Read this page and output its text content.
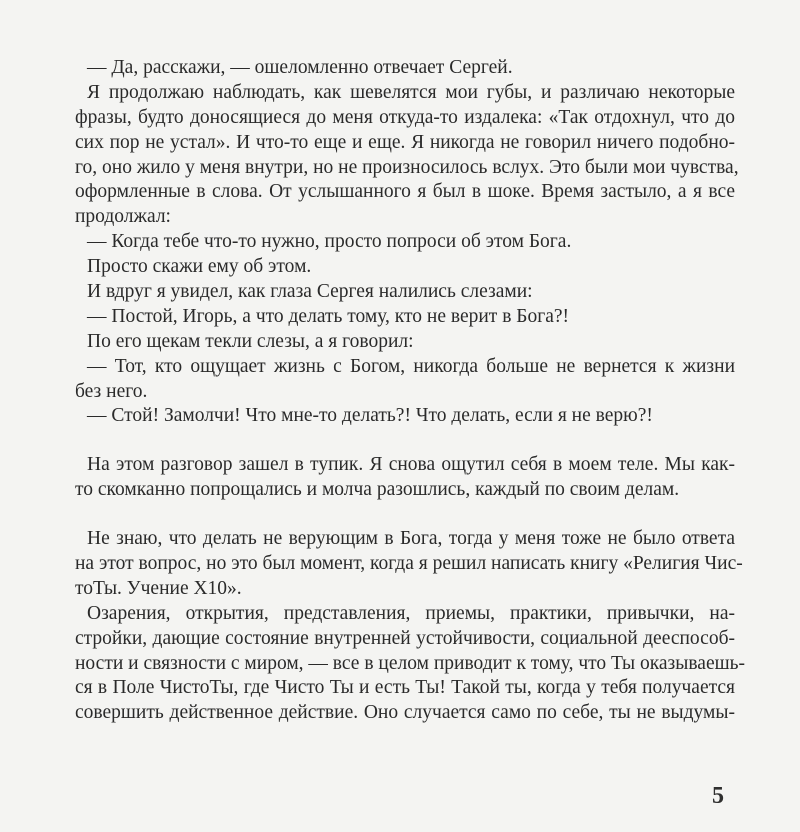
— Да, расскажи, — ошеломленно отвечает Сергей.
Я продолжаю наблюдать, как шевелятся мои губы, и различаю некоторые
фразы, будто доносящиеся до меня откуда-то издалека: «Так отдохнул, что до
сих пор не устал». И что-то еще и еще. Я никогда не говорил ничего подобно-
го, оно жило у меня внутри, но не произносилось вслух. Это были мои чувства,
оформленные в слова. От услышанного я был в шоке. Время застыло, а я все
продолжал:
— Когда тебе что-то нужно, просто попроси об этом Бога.
Просто скажи ему об этом.
И вдруг я увидел, как глаза Сергея налились слезами:
— Постой, Игорь, а что делать тому, кто не верит в Бога?!
По его щекам текли слезы, а я говорил:
— Тот, кто ощущает жизнь с Богом, никогда больше не вернется к жизни
без него.
— Стой! Замолчи! Что мне-то делать?! Что делать, если я не верю?!
На этом разговор зашел в тупик. Я снова ощутил себя в моем теле. Мы как-
то скомканно попрощались и молча разошлись, каждый по своим делам.
Не знаю, что делать не верующим в Бога, тогда у меня тоже не было ответа
на этот вопрос, но это был момент, когда я решил написать книгу «Религия Чис-
тоТы. Учение Х10».
Озарения, открытия, представления, приемы, практики, привычки, на-
стройки, дающие состояние внутренней устойчивости, социальной дееспособ-
ности и связности с миром, — все в целом приводит к тому, что Ты оказываешь-
ся в Поле ЧистоТы, где Чисто Ты и есть Ты! Такой ты, когда у тебя получается
совершить действенное действие. Оно случается само по себе, ты не выдумы-
5
